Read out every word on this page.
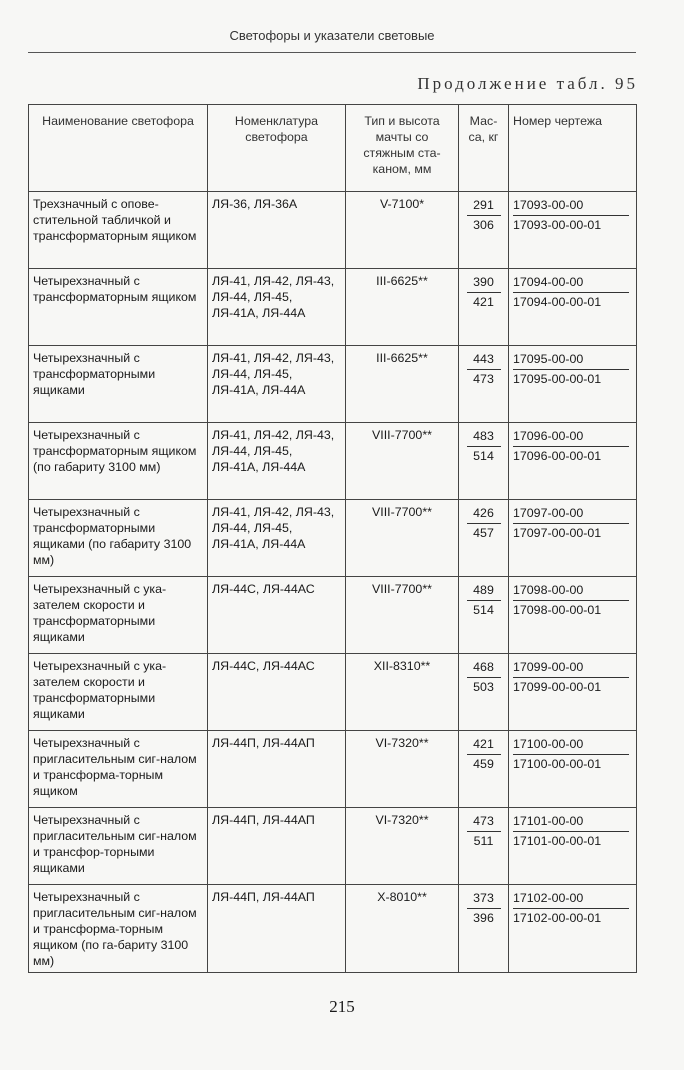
Светофоры и указатели световые
Продолжение табл. 95
Наименование светофора	Номенклатура светофора	Тип и высота мачты со стяжным ста-каном, мм	Мас-са, кг	Номер чертежа
Трехзначный с опове-стительной табличкой и трансформаторным ящиком	ЛЯ-36, ЛЯ-36А	V-7100*	$\frac{291}{306}$	$\frac{17093-00-00}{17093-00-00-01}$

Четырехзначный с трансформаторным ящиком	ЛЯ-41, ЛЯ-42, ЛЯ-43, ЛЯ-44, ЛЯ-45, ЛЯ-41А, ЛЯ-44А	III-6625**	$\frac{390}{421}$	$\frac{17094-00-00}{17094-00-00-01}$

Четырехзначный с трансформаторными ящиками	ЛЯ-41, ЛЯ-42, ЛЯ-43, ЛЯ-44, ЛЯ-45, ЛЯ-41А, ЛЯ-44А	III-6625**	$\frac{443}{473}$	$\frac{17095-00-00}{17095-00-00-01}$

Четырехзначный с трансформаторным ящиком (по габариту 3100 мм)	ЛЯ-41, ЛЯ-42, ЛЯ-43, ЛЯ-44, ЛЯ-45, ЛЯ-41А, ЛЯ-44А	VIII-7700**	$\frac{483}{514}$	$\frac{17096-00-00}{17096-00-00-01}$

Четырехзначный с трансформаторными ящиками (по габариту 3100 мм)	ЛЯ-41, ЛЯ-42, ЛЯ-43, ЛЯ-44, ЛЯ-45, ЛЯ-41А, ЛЯ-44А	VIII-7700**	$\frac{426}{457}$	$\frac{17097-00-00}{17097-00-00-01}$

Четырехзначный с ука-зателем скорости и трансформаторными ящиками	ЛЯ-44С, ЛЯ-44АС	VIII-7700**	$\frac{489}{514}$	$\frac{17098-00-00}{17098-00-00-01}$

Четырехзначный с ука-зателем скорости и трансформаторными ящиками	ЛЯ-44С, ЛЯ-44АС	XII-8310**	$\frac{468}{503}$	$\frac{17099-00-00}{17099-00-00-01}$

Четырехзначный с пригласительным сиг-налом и трансформа-торным ящиком	ЛЯ-44П, ЛЯ-44АП	VI-7320**	$\frac{421}{459}$	$\frac{17100-00-00}{17100-00-00-01}$

Четырехзначный с пригласительным сиг-налом и трансфор-торными ящиками	ЛЯ-44П, ЛЯ-44АП	VI-7320**	$\frac{473}{511}$	$\frac{17101-00-00}{17101-00-00-01}$

Четырехзначный с пригласительным сиг-налом и трансформа-торным ящиком (по га-бариту 3100 мм)	ЛЯ-44П, ЛЯ-44АП	X-8010**	$\frac{373}{396}$	$\frac{17102-00-00}{17102-00-00-01}$
215
